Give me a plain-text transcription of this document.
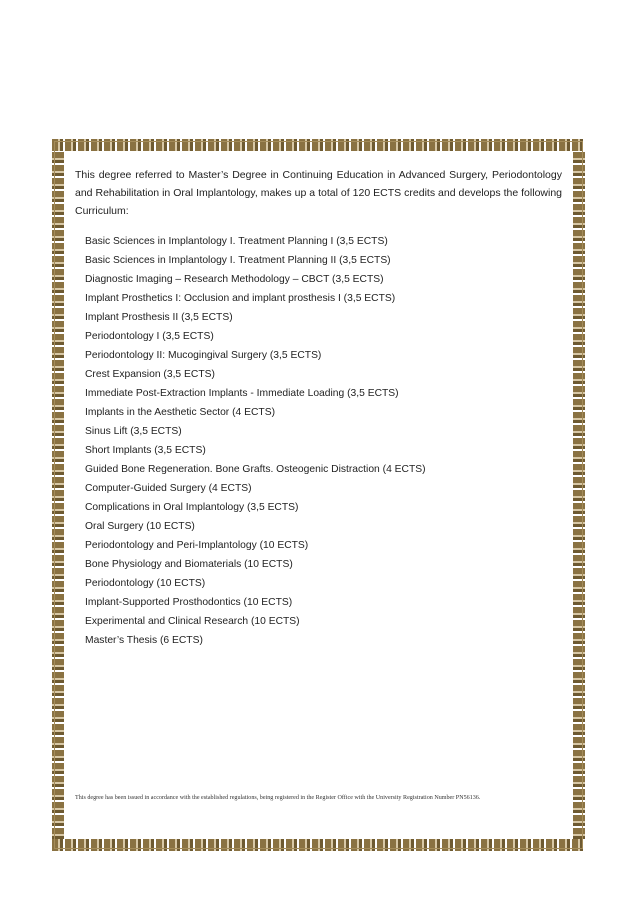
This degree referred to Master’s Degree in Continuing Education in Advanced Surgery, Periodontology and Rehabilitation in Oral Implantology, makes up a total of 120 ECTS credits and develops the following Curriculum:

Basic Sciences in Implantology I. Treatment Planning I (3,5 ECTS)
Basic Sciences in Implantology I. Treatment Planning II (3,5 ECTS)
Diagnostic Imaging – Research Methodology – CBCT (3,5 ECTS)
Implant Prosthetics I: Occlusion and implant prosthesis I (3,5 ECTS)
Implant Prosthesis II (3,5 ECTS)
Periodontology I (3,5 ECTS)
Periodontology II: Mucogingival Surgery (3,5 ECTS)
Crest Expansion (3,5 ECTS)
Immediate Post-Extraction Implants - Immediate Loading (3,5 ECTS)
Implants in the Aesthetic Sector (4 ECTS)
Sinus Lift (3,5 ECTS)
Short Implants (3,5 ECTS)
Guided Bone Regeneration. Bone Grafts. Osteogenic Distraction (4 ECTS)
Computer-Guided Surgery (4 ECTS)
Complications in Oral Implantology (3,5 ECTS)
Oral Surgery (10 ECTS)
Periodontology and Peri-Implantology (10 ECTS)
Bone Physiology and Biomaterials (10 ECTS)
Periodontology (10 ECTS)
Implant-Supported Prosthodontics (10 ECTS)
Experimental and Clinical Research (10 ECTS)
Master’s Thesis (6 ECTS)
This degree has been issued in accordance with the established regulations, being registered in the Register Office with the University Registration Number PN56136.
